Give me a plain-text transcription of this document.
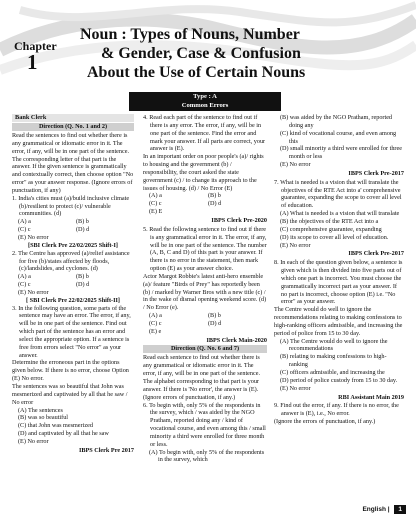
Chapter
1
Noun : Types of Nouns, Number
& Gender, Case & Confusion
About the Use of Certain Nouns
Type : A
Common Errors
Bank Clerk
Direction (Q. No. 1 and 2)

Read the sentences to find out whether there is any grammatical or idiomatic error in it. The error, if any, will be in one part of the sentence. The corresponding letter of that part is the answer. If the given sentence is grammatically and contextually correct, then choose option "No error" as your answer response. (Ignore errors of punctuation, if any)

1. India's cities must (a)/build inclusive climate (b)/resilient to protect (c)/ vulnerable communities. (d)

(A) a	(B) b
(C) c	(D) d
(E) No error
[SBI Clerk Pre 22/02/2025 Shift-I]

2. The Centre has approved (a)/relief assistance for five (b)/states affected by floods, (c)/landslides, and cyclones. (d)

(A) a	(B) b
(C) c	(D) d
(E) No error
[ SBI Clerk Pre 22/02/2025 Shift-II]

3. In the following question, some parts of the sentence may have an error. The error, if any, will be in one part of the sentence. Find out which part of the sentence has an error and select the appropriate option. If a sentence is free from errors select "No error" as your answer.

Determine the erroneous part in the options given below. If there is no error, choose Option (E) No error.

The sentences was so beautiful that John was mesmerized and captivated by all that he saw / No error

(A) The sentences
(B) was so beautiful
(C) that John was mesmerized
(D) and captivated by all that he saw
(E) No error
IBPS Clerk Pre 2017

4. Read each part of the sentence to find out if there is any error. The error, if any, will be in one part of the sentence. Find the error and mark your answer. If all parts are correct, your answer is (E).

In an important order on poor people's (a)/ rights to housing and the government (b) / responsibility, the court asked the state government (c) / to change its approach to the issues of housing. (d) / No Error (E)

(A) a	(B) b
(C) c	(D) d
(E) E
IBPS Clerk Pre-2020

5. Read the following sentence to find out if there is any grammatical error in it. The error, if any, will be in one part of the sentence. The number (A, B, C and D) of this part is your answer. If there is no error in the statement, then mark option (E) as your answer choice.

Actor Margot Robbie's latest anti-hero ensemble (a)/ feature "Birds of Prey" has reportedly been (b) / marked by Warner Bros with a new title (c) / in the wake of dismal opening weekend score. (d) / No Error (e).

(A) a	(B) b
(C) c	(D) d
(E) e
IBPS Clerk Main-2020
Direction (Q. No. 6 and 7)

Read each sentence to find out whether there is any grammatical or idiomatic error in it. The error, if any, will be in one part of the sentence. The alphabet corresponding to that part is your answer. If there is 'No error', the answer is (E). (Ignore errors of punctuation, if any.)

6. To begin with, only 5% of the respondents in the survey, which / was aided by the NGO Pratham, reported doing any / kind of vocational course, and even among this / small minority a third were enrolled for three month or less.

(A) To begin with, only 5% of the respondents in the survey, which
(B) was aided by the NGO Pratham, reported doing any
(C) kind of vocational course, and even among this
(D) small minority a third were enrolled for three month or less
(E) No error
IBPS Clerk Pre-2017

7. What is needed is a vision that will translate the objectives of the RTE Act into a' comprehensive guarantee, expanding the scope to cover all level of education.

(A) What is needed is a vision that will translate
(B) the objectives of the RTE Act into a
(C) comprehensive guarantee, expanding
(D) its scope to cover all level of education.
(E) No error
IBPS Clerk Pre-2017

8. In each of the question given below, a sentence is given which is then divided into five parts out of which one part is incorrect. You must choose the grammatically incorrect part as your answer. If no part is incorrect, choose option (E) i.e. "No error" as your answer.

The Centre would do well to ignore the recommendations relating to making confessions to high-ranking officers admissible, and increasing the period of police from 15 to 30 day.

(A) The Centre would do well to ignore the recommendations
(B) relating to making confessions to high-ranking
(C) officers admissible, and increasing the
(D) period of police custody from 15 to 30 day.
(E) No error
RBI Assistant Main 2019

9. Find out the error, if any. If there is no error, the answer is (E), i.e., No error.

(Ignore the errors of punctuation, if any.)

English | 1
